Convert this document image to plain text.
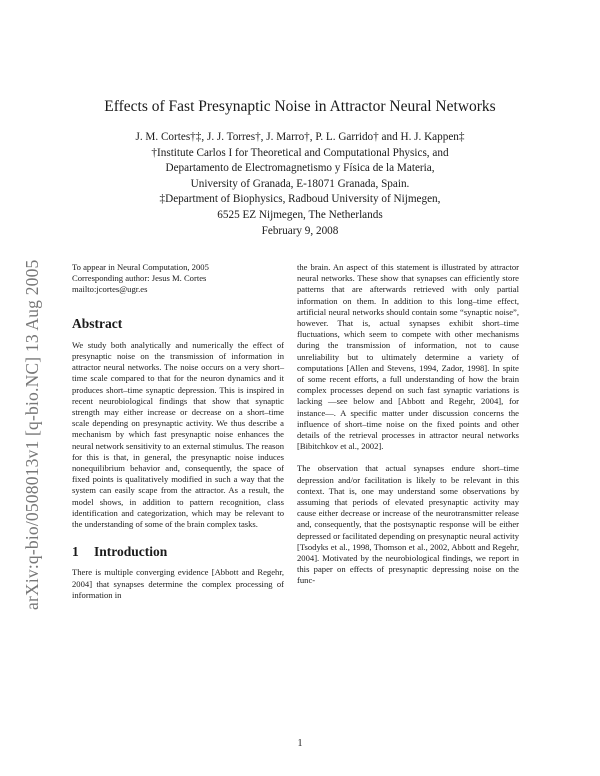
arXiv:q-bio/0508013v1 [q-bio.NC] 13 Aug 2005
Effects of Fast Presynaptic Noise in Attractor Neural Networks
J. M. Cortes†‡, J. J. Torres†, J. Marro†, P. L. Garrido† and H. J. Kappen‡
†Institute Carlos I for Theoretical and Computational Physics, and
Departamento de Electromagnetismo y Física de la Materia,
University of Granada, E-18071 Granada, Spain.
‡Department of Biophysics, Radboud University of Nijmegen,
6525 EZ Nijmegen, The Netherlands
February 9, 2008
To appear in Neural Computation, 2005
Corresponding author: Jesus M. Cortes
mailto:jcortes@ugr.es
Abstract

We study both analytically and numerically the effect of presynaptic noise on the transmission of information in attractor neural networks. The noise occurs on a very short–time scale compared to that for the neuron dynamics and it produces short–time synaptic depression. This is inspired in recent neurobiological findings that show that synaptic strength may either increase or decrease on a short–time scale depending on presynaptic activity. We thus describe a mechanism by which fast presynaptic noise enhances the neural network sensitivity to an external stimulus. The reason for this is that, in general, the presynaptic noise induces nonequilibrium behavior and, consequently, the space of fixed points is qualitatively modified in such a way that the system can easily scape from the attractor. As a result, the model shows, in addition to pattern recognition, class identification and categorization, which may be relevant to the understanding of some of the brain complex tasks.

1 Introduction

There is multiple converging evidence [Abbott and Regehr, 2004] that synapses determine the complex processing of information in

the brain. An aspect of this statement is illustrated by attractor neural networks. These show that synapses can efficiently store patterns that are afterwards retrieved with only partial information on them. In addition to this long–time effect, artificial neural networks should contain some “synaptic noise”, however. That is, actual synapses exhibit short–time fluctuations, which seem to compete with other mechanisms during the transmission of information, not to cause unreliability but to ultimately determine a variety of computations [Allen and Stevens, 1994, Zador, 1998]. In spite of some recent efforts, a full understanding of how the brain complex processes depend on such fast synaptic variations is lacking —see below and [Abbott and Regehr, 2004], for instance—. A specific matter under discussion concerns the influence of short–time noise on the fixed points and other details of the retrieval processes in attractor neural networks [Bibitchkov et al., 2002].

The observation that actual synapses endure short–time depression and/or facilitation is likely to be relevant in this context. That is, one may understand some observations by assuming that periods of elevated presynaptic activity may cause either decrease or increase of the neurotransmitter release and, consequently, that the postsynaptic response will be either depressed or facilitated depending on presynaptic neural activity [Tsodyks et al., 1998, Thomson et al., 2002, Abbott and Regehr, 2004]. Motivated by the neurobiological findings, we report in this paper on effects of presynaptic depressing noise on the func-

1
